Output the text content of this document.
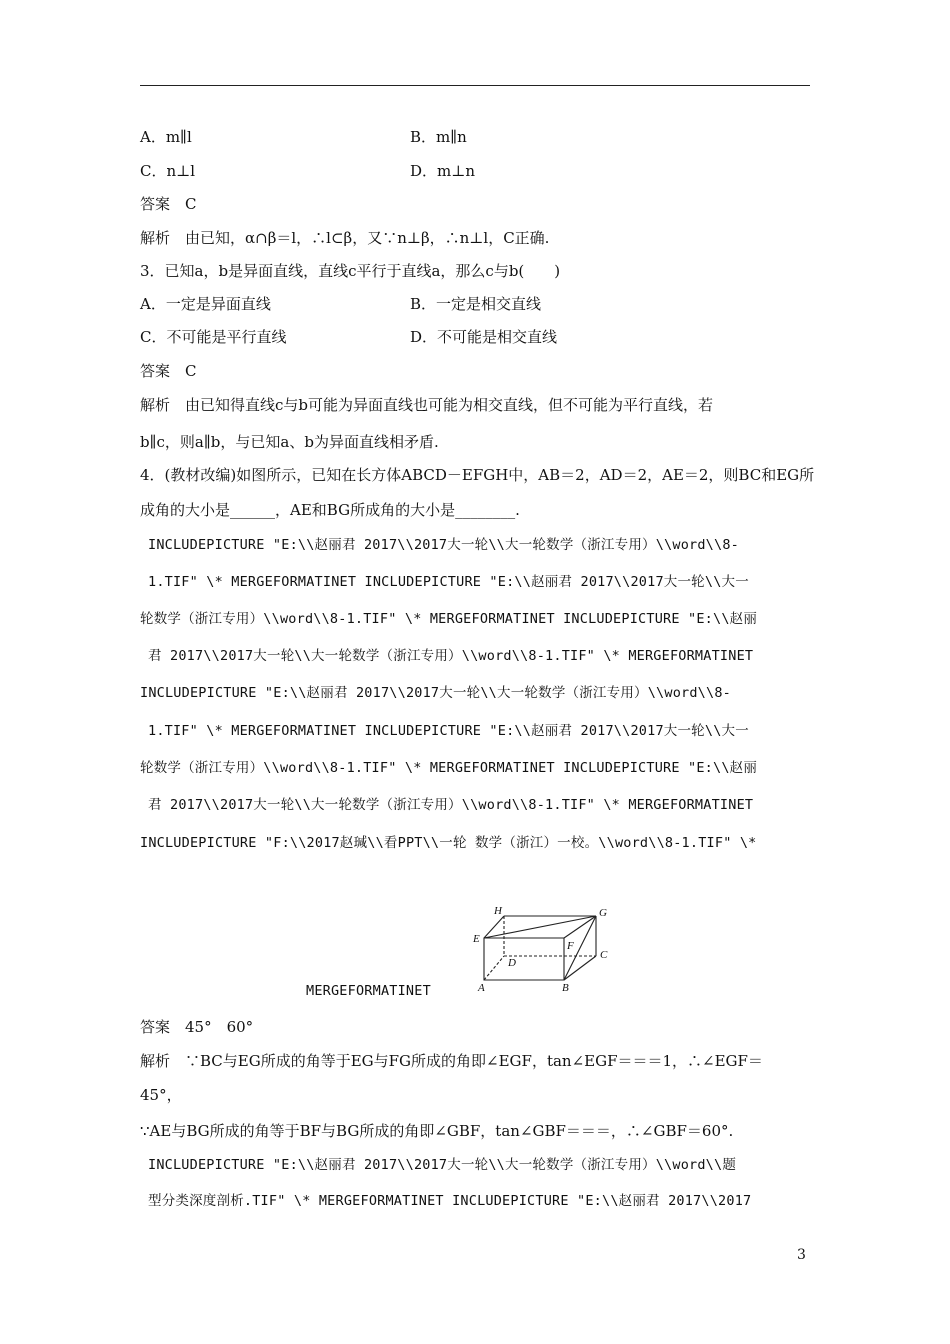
A．m∥l	B．m∥n
C．n⊥l	D．m⊥n
答案　C
解析　由已知，α∩β＝l，∴l⊂β，又∵n⊥β，∴n⊥l，C正确.
3．已知a，b是异面直线，直线c平行于直线a，那么c与b(　　)
A．一定是异面直线	B．一定是相交直线
C．不可能是平行直线	D．不可能是相交直线
答案　C
解析　由已知得直线c与b可能为异面直线也可能为相交直线，但不可能为平行直线，若
b∥c，则a∥b，与已知a、b为异面直线相矛盾.
4．(教材改编)如图所示，已知在长方体ABCD－EFGH中，AB＝2，AD＝2，AE＝2，则BC和EG所
成角的大小是______，AE和BG所成角的大小是________.
INCLUDEPICTURE "E:\\赵丽君 2017\\2017大一轮\\大一轮数学（浙江专用）\\word\\8-
1.TIF" \* MERGEFORMATINET INCLUDEPICTURE "E:\\赵丽君 2017\\2017大一轮\\大一
轮数学（浙江专用）\\word\\8-1.TIF" \* MERGEFORMATINET INCLUDEPICTURE "E:\\赵丽
君 2017\\2017大一轮\\大一轮数学（浙江专用）\\word\\8-1.TIF" \* MERGEFORMATINET
INCLUDEPICTURE "E:\\赵丽君 2017\\2017大一轮\\大一轮数学（浙江专用）\\word\\8-
1.TIF" \* MERGEFORMATINET INCLUDEPICTURE "E:\\赵丽君 2017\\2017大一轮\\大一
轮数学（浙江专用）\\word\\8-1.TIF" \* MERGEFORMATINET INCLUDEPICTURE "E:\\赵丽
君 2017\\2017大一轮\\大一轮数学（浙江专用）\\word\\8-1.TIF" \* MERGEFORMATINET
INCLUDEPICTURE "F:\\2017赵瑊\\看PPT\\一轮 数学（浙江）一校。\\word\\8-1.TIF" \*
MERGEFORMATINET
H	G
E
F
C
D
A	B
答案　45°　60°
解析　∵BC与EG所成的角等于EG与FG所成的角即∠EGF，tan∠EGF＝＝＝1，∴∠EGF＝
45°，
∵AE与BG所成的角等于BF与BG所成的角即∠GBF，tan∠GBF＝＝＝，∴∠GBF＝60°.
INCLUDEPICTURE "E:\\赵丽君 2017\\2017大一轮\\大一轮数学（浙江专用）\\word\\题
型分类深度剖析.TIF" \* MERGEFORMATINET INCLUDEPICTURE "E:\\赵丽君 2017\\2017
3
